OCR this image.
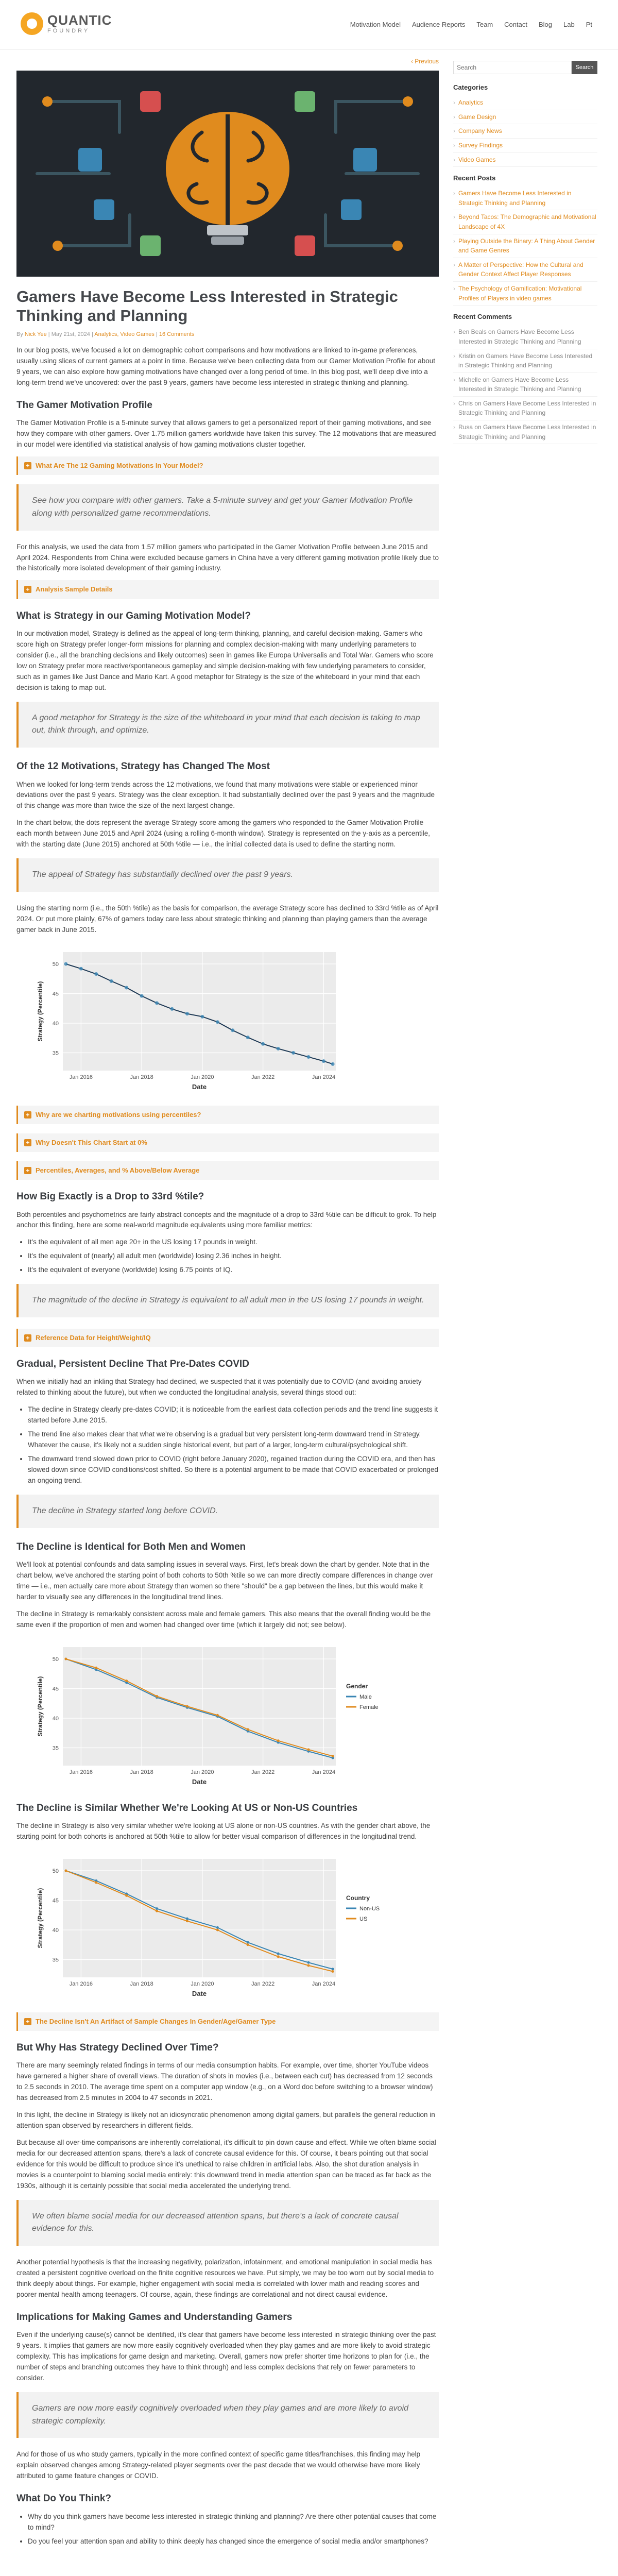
QUANTIC
FOUNDRY
Motivation Model Audience Reports Team Contact Blog Lab Pt
‹ Previous
Gamers Have Become Less Interested in Strategic Thinking and Planning
By Nick Yee | May 21st, 2024 | Analytics, Video Games | 16 Comments

In our blog posts, we've focused a lot on demographic cohort comparisons and how motivations are linked to in-game preferences, usually using slices of current gamers at a point in time. Because we've been collecting data from our Gamer Motivation Profile for about 9 years, we can also explore how gaming motivations have changed over a long period of time. In this blog post, we'll deep dive into a long-term trend we've uncovered: over the past 9 years, gamers have become less interested in strategic thinking and planning.

The Gamer Motivation Profile

The Gamer Motivation Profile is a 5-minute survey that allows gamers to get a personalized report of their gaming motivations, and see how they compare with other gamers. Over 1.75 million gamers worldwide have taken this survey. The 12 motivations that are measured in our model were identified via statistical analysis of how gaming motivations cluster together.

+ What Are The 12 Gaming Motivations In Your Model?
See how you compare with other gamers. Take a 5-minute survey and get your Gamer Motivation Profile along with personalized game recommendations.

For this analysis, we used the data from 1.57 million gamers who participated in the Gamer Motivation Profile between June 2015 and April 2024. Respondents from China were excluded because gamers in China have a very different gaming motivation profile likely due to the historically more isolated development of their gaming industry.

+ Analysis Sample Details
What is Strategy in our Gaming Motivation Model?

In our motivation model, Strategy is defined as the appeal of long-term thinking, planning, and careful decision-making. Gamers who score high on Strategy prefer longer-form missions for planning and complex decision-making with many underlying parameters to consider (i.e., all the branching decisions and likely outcomes) seen in games like Europa Universalis and Total War. Gamers who score low on Strategy prefer more reactive/spontaneous gameplay and simple decision-making with few underlying parameters to consider, such as in games like Just Dance and Mario Kart. A good metaphor for Strategy is the size of the whiteboard in your mind that each decision is taking to map out.

A good metaphor for Strategy is the size of the whiteboard in your mind that each decision is taking to map out, think through, and optimize.
Of the 12 Motivations, Strategy has Changed The Most

When we looked for long-term trends across the 12 motivations, we found that many motivations were stable or experienced minor deviations over the past 9 years. Strategy was the clear exception. It had substantially declined over the past 9 years and the magnitude of this change was more than twice the size of the next largest change.

In the chart below, the dots represent the average Strategy score among the gamers who responded to the Gamer Motivation Profile each month between June 2015 and April 2024 (using a rolling 6-month window). Strategy is represented on the y-axis as a percentile, with the starting date (June 2015) anchored at 50th %tile — i.e., the initial collected data is used to define the starting norm.

The appeal of Strategy has substantially declined over the past 9 years.

Using the starting norm (i.e., the 50th %tile) as the basis for comparison, the average Strategy score has declined to 33rd %tile as of April 2024. Or put more plainly, 67% of gamers today care less about strategic thinking and planning than playing gamers than the average gamer back in June 2015.

35
40
45
50
Jan 2016	Jan 2018	Jan 2020	Jan 2022	Jan 2024
Date
Strategy (Percentile)
+ Why are we charting motivations using percentiles?
+ Why Doesn't This Chart Start at 0%
+ Percentiles, Averages, and % Above/Below Average
How Big Exactly is a Drop to 33rd %tile?

Both percentiles and psychometrics are fairly abstract concepts and the magnitude of a drop to 33rd %tile can be difficult to grok. To help anchor this finding, here are some real-world magnitude equivalents using more familiar metrics:

• It's the equivalent of all men age 20+ in the US losing 17 pounds in weight.
• It's the equivalent of (nearly) all adult men (worldwide) losing 2.36 inches in height.
• It's the equivalent of everyone (worldwide) losing 6.75 points of IQ.
The magnitude of the decline in Strategy is equivalent to all adult men in the US losing 17 pounds in weight.
+ Reference Data for Height/Weight/IQ
Gradual, Persistent Decline That Pre-Dates COVID

When we initially had an inkling that Strategy had declined, we suspected that it was potentially due to COVID (and avoiding anxiety related to thinking about the future), but when we conducted the longitudinal analysis, several things stood out:

• The decline in Strategy clearly pre-dates COVID; it is noticeable from the earliest data collection periods and the trend line suggests it started before June 2015.
• The trend line also makes clear that what we're observing is a gradual but very persistent long-term downward trend in Strategy. Whatever the cause, it's likely not a sudden single historical event, but part of a larger, long-term cultural/psychological shift.
• The downward trend slowed down prior to COVID (right before January 2020), regained traction during the COVID era, and then has slowed down since COVID conditions/cost shifted. So there is a potential argument to be made that COVID exacerbated or prolonged an ongoing trend.
The decline in Strategy started long before COVID.
The Decline is Identical for Both Men and Women

We'll look at potential confounds and data sampling issues in several ways. First, let's break down the chart by gender. Note that in the chart below, we've anchored the starting point of both cohorts to 50th %tile so we can more directly compare differences in change over time — i.e., men actually care more about Strategy than women so there "should" be a gap between the lines, but this would make it harder to visually see any differences in the longitudinal trend lines.

The decline in Strategy is remarkably consistent across male and female gamers. This also means that the overall finding would be the same even if the proportion of men and women had changed over time (which it largely did not; see below).

35
40
45
50
Jan 2016	Jan 2018	Jan 2020	Jan 2022	Jan 2024
Date
Strategy (Percentile)	Gender
Male
Female
The Decline is Similar Whether We're Looking At US or Non-US Countries

The decline in Strategy is also very similar whether we're looking at US alone or non-US countries. As with the gender chart above, the starting point for both cohorts is anchored at 50th %tile to allow for better visual comparison of differences in the longitudinal trend.

35
40
45
50
Jan 2016	Jan 2018	Jan 2020	Jan 2022	Jan 2024
Date
Strategy (Percentile)	Country
Non-US
US
+ The Decline Isn't An Artifact of Sample Changes In Gender/Age/Gamer Type
But Why Has Strategy Declined Over Time?

There are many seemingly related findings in terms of our media consumption habits. For example, over time, shorter YouTube videos have garnered a higher share of overall views. The duration of shots in movies (i.e., between each cut) has decreased from 12 seconds to 2.5 seconds in 2010. The average time spent on a computer app window (e.g., on a Word doc before switching to a browser window) has decreased from 2.5 minutes in 2004 to 47 seconds in 2021.

In this light, the decline in Strategy is likely not an idiosyncratic phenomenon among digital gamers, but parallels the general reduction in attention span observed by researchers in different fields.

But because all over-time comparisons are inherently correlational, it's difficult to pin down cause and effect. While we often blame social media for our decreased attention spans, there's a lack of concrete causal evidence for this. Of course, it bears pointing out that social evidence for this would be difficult to produce since it's unethical to raise children in artificial labs. Also, the shot duration analysis in movies is a counterpoint to blaming social media entirely: this downward trend in media attention span can be traced as far back as the 1930s, although it is certainly possible that social media accelerated the underlying trend.

We often blame social media for our decreased attention spans, but there's a lack of concrete causal evidence for this.

Another potential hypothesis is that the increasing negativity, polarization, infotainment, and emotional manipulation in social media has created a persistent cognitive overload on the finite cognitive resources we have. Put simply, we may be too worn out by social media to think deeply about things. For example, higher engagement with social media is correlated with lower math and reading scores and poorer mental health among teenagers. Of course, again, these findings are correlational and not direct causal evidence.

Implications for Making Games and Understanding Gamers

Even if the underlying cause(s) cannot be identified, it's clear that gamers have become less interested in strategic thinking over the past 9 years. It implies that gamers are now more easily cognitively overloaded when they play games and are more likely to avoid strategic complexity. This has implications for game design and marketing. Overall, gamers now prefer shorter time horizons to plan for (i.e., the number of steps and branching outcomes they have to think through) and less complex decisions that rely on fewer parameters to consider.

Gamers are now more easily cognitively overloaded when they play games and are more likely to avoid strategic complexity.

And for those of us who study gamers, typically in the more confined context of specific game titles/franchises, this finding may help explain observed changes among Strategy-related player segments over the past decade that we would otherwise have more likely attributed to game feature changes or COVID.

What Do You Think?
• Why do you think gamers have become less interested in strategic thinking and planning? Are there other potential causes that come to mind?
• Do you feel your attention span and ability to think deeply has changed since the emergence of social media and/or smartphones?
Search
Search
Categories
› Analytics
› Game Design
› Company News
› Survey Findings
› Video Games
Recent Posts
› Gamers Have Become Less Interested in Strategic Thinking and Planning
› Beyond Tacos: The Demographic and Motivational Landscape of 4X
› Playing Outside the Binary: A Thing About Gender and Game Genres
› A Matter of Perspective: How the Cultural and Gender Context Affect Player Responses
› The Psychology of Gamification: Motivational Profiles of Players in video games
Recent Comments
› Ben Beals on Gamers Have Become Less Interested in Strategic Thinking and Planning
› Kristin on Gamers Have Become Less Interested in Strategic Thinking and Planning
› Michelle on Gamers Have Become Less Interested in Strategic Thinking and Planning
› Chris on Gamers Have Become Less Interested in Strategic Thinking and Planning
› Rusa on Gamers Have Become Less Interested in Strategic Thinking and Planning
